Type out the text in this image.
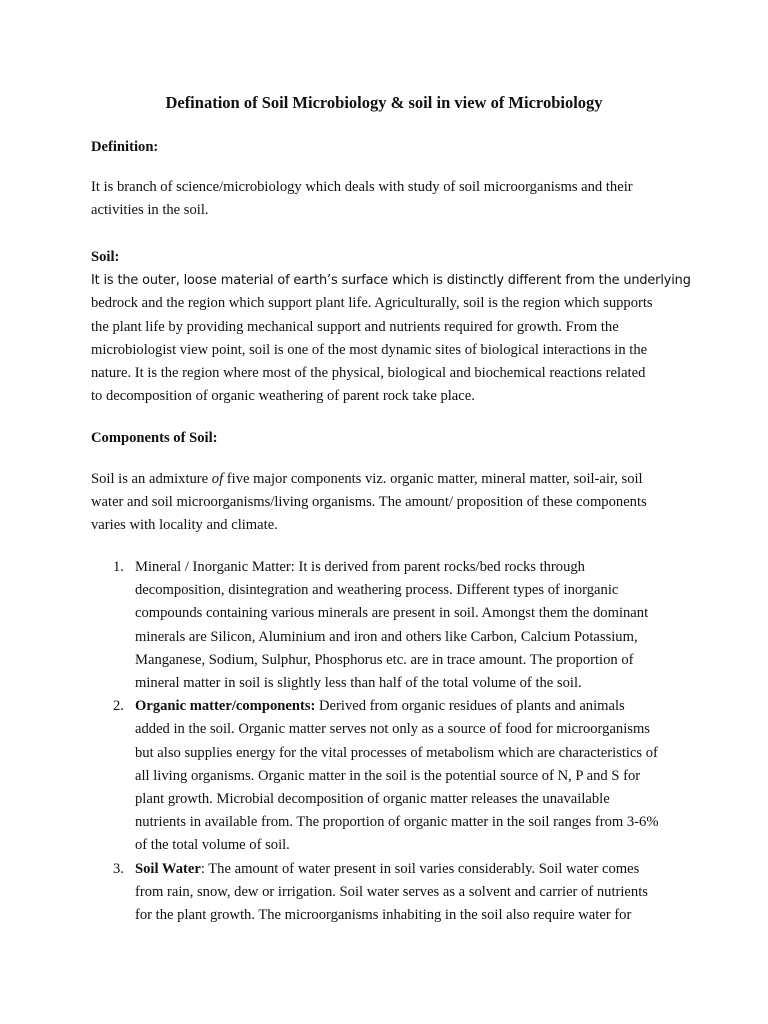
Defination of Soil Microbiology & soil in view of Microbiology
Definition:
It is branch of science/microbiology which deals with study of soil microorganisms and their
activities in the soil.
Soil:
It is the outer, loose material of earth’s surface which is distinctly different from the underlying
bedrock and the region which support plant life. Agriculturally, soil is the region which supports
the plant life by providing mechanical support and nutrients required for growth. From the
microbiologist view point, soil is one of the most dynamic sites of biological interactions in the
nature. It is the region where most of the physical, biological and biochemical reactions related
to decomposition of organic weathering of parent rock take place.
Components of Soil:
Soil is an admixture of five major components viz. organic matter, mineral matter, soil-air, soil
water and soil microorganisms/living organisms. The amount/ proposition of these components
varies with locality and climate.
1. Mineral / Inorganic Matter: It is derived from parent rocks/bed rocks through
decomposition, disintegration and weathering process. Different types of inorganic
compounds containing various minerals are present in soil. Amongst them the dominant
minerals are Silicon, Aluminium and iron and others like Carbon, Calcium Potassium,
Manganese, Sodium, Sulphur, Phosphorus etc. are in trace amount. The proportion of
mineral matter in soil is slightly less than half of the total volume of the soil.
2. Organic matter/components: Derived from organic residues of plants and animals
added in the soil. Organic matter serves not only as a source of food for microorganisms
but also supplies energy for the vital processes of metabolism which are characteristics of
all living organisms. Organic matter in the soil is the potential source of N, P and S for
plant growth. Microbial decomposition of organic matter releases the unavailable
nutrients in available from. The proportion of organic matter in the soil ranges from 3-6%
of the total volume of soil.
3. Soil Water: The amount of water present in soil varies considerably. Soil water comes
from rain, snow, dew or irrigation. Soil water serves as a solvent and carrier of nutrients
for the plant growth. The microorganisms inhabiting in the soil also require water for
